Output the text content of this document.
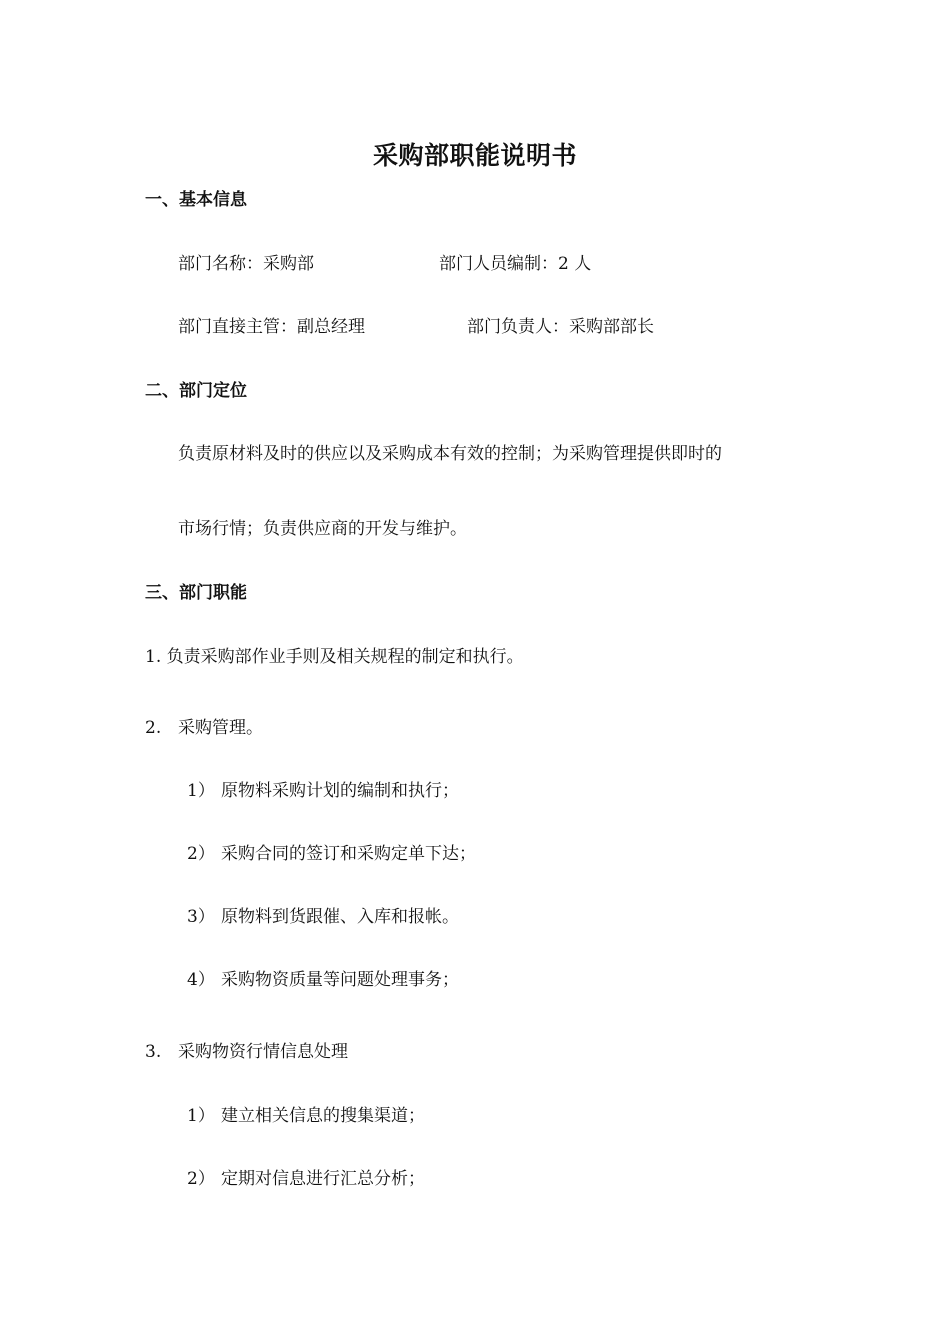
采购部职能说明书
一、基本信息
部门名称：采购部	部门人员编制：2 人
部门直接主管：副总经理	部门负责人：采购部部长
二、部门定位
负责原材料及时的供应以及采购成本有效的控制；为采购管理提供即时的
市场行情；负责供应商的开发与维护。
三、部门职能
1. 负责采购部作业手则及相关规程的制定和执行。
2. 采购管理。
1） 原物料采购计划的编制和执行；
2） 采购合同的签订和采购定单下达；
3） 原物料到货跟催、入库和报帐。
4） 采购物资质量等问题处理事务；
3. 采购物资行情信息处理
1） 建立相关信息的搜集渠道；
2） 定期对信息进行汇总分析；
